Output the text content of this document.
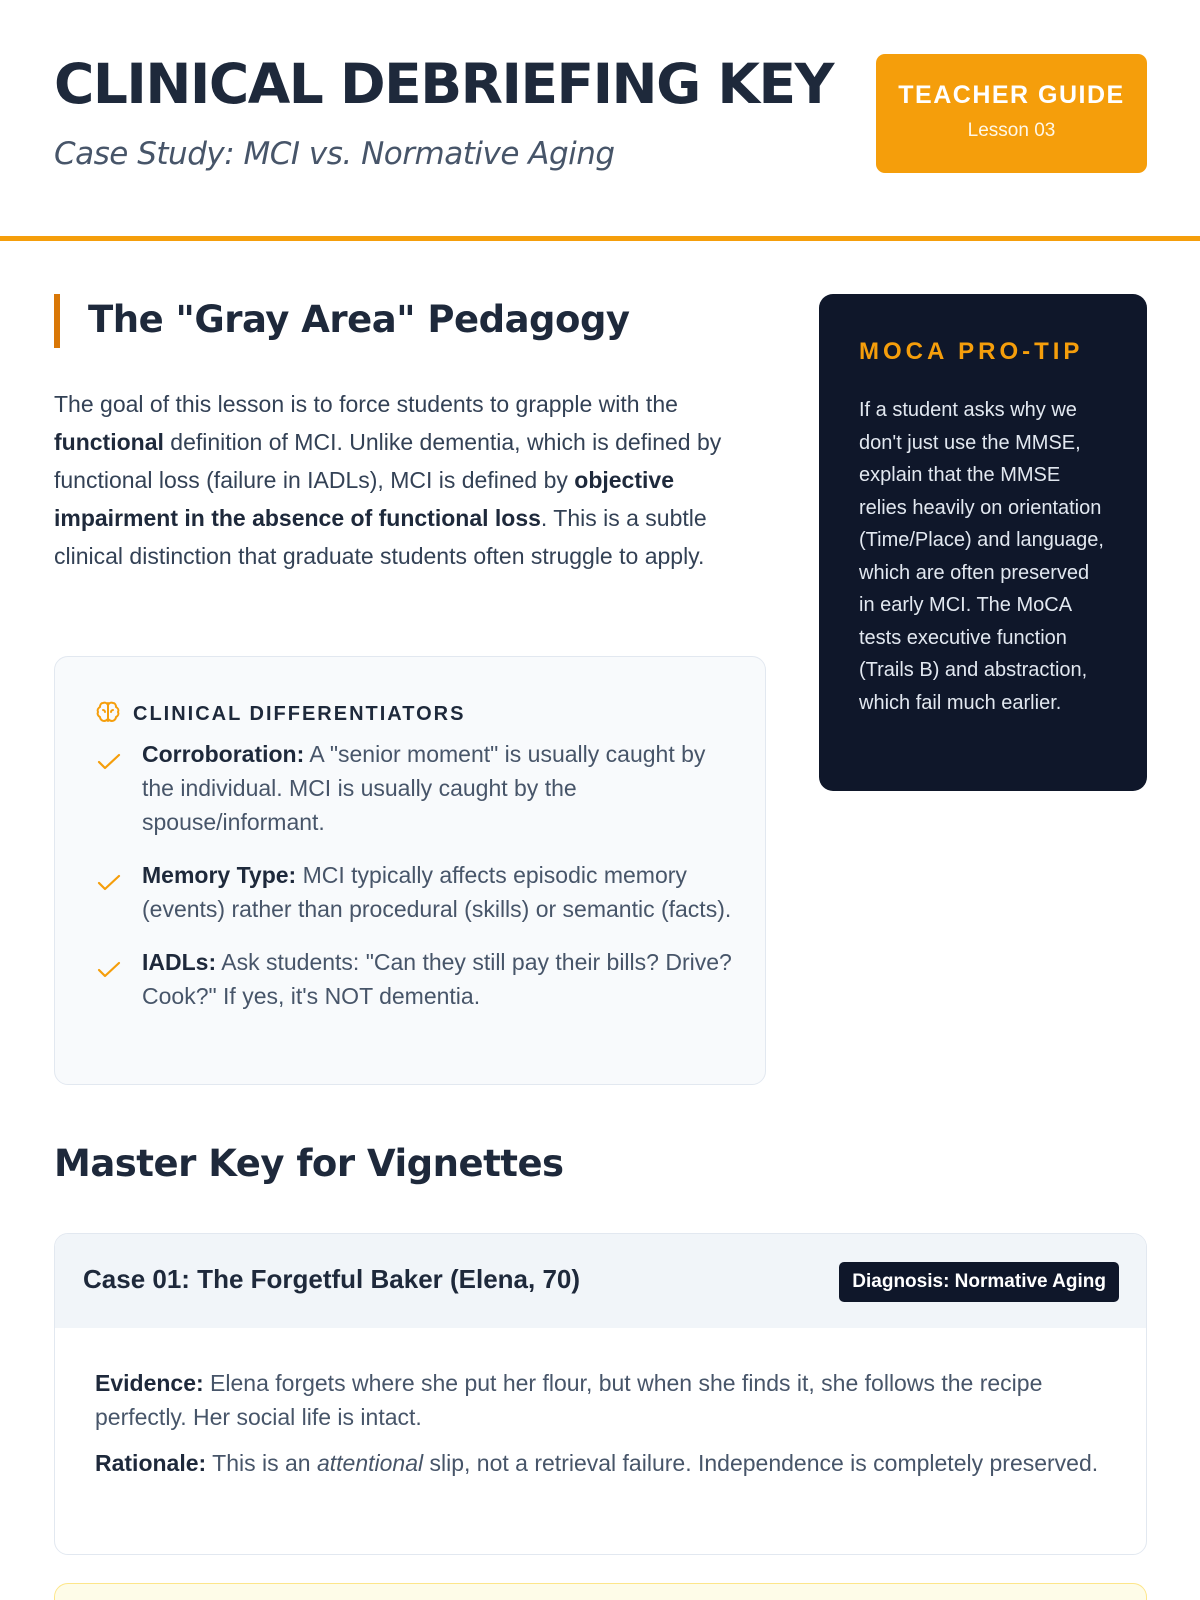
CLINICAL DEBRIEFING KEY
Case Study: MCI vs. Normative Aging
TEACHER GUIDE
Lesson 03
The "Gray Area" Pedagogy

The goal of this lesson is to force students to grapple with the functional definition of MCI. Unlike dementia, which is defined by functional loss (failure in IADLs), MCI is defined by objective impairment in the absence of functional loss. This is a subtle clinical distinction that graduate students often struggle to apply.

CLINICAL DIFFERENTIATORS
Corroboration: A "senior moment" is usually caught by the individual. MCI is usually caught by the spouse/informant.
Memory Type: MCI typically affects episodic memory (events) rather than procedural (skills) or semantic (facts).
IADLs: Ask students: "Can they still pay their bills? Drive? Cook?" If yes, it's NOT dementia.
MOCA PRO-TIP

If a student asks why we don't just use the MMSE, explain that the MMSE relies heavily on orientation (Time/Place) and language, which are often preserved in early MCI. The MoCA tests executive function (Trails B) and abstraction, which fail much earlier.

Master Key for Vignettes
Case 01: The Forgetful Baker (Elena, 70)	Diagnosis: Normative Aging

Evidence: Elena forgets where she put her flour, but when she finds it, she follows the recipe perfectly. Her social life is intact.

Rationale: This is an attentional slip, not a retrieval failure. Independence is completely preserved.
